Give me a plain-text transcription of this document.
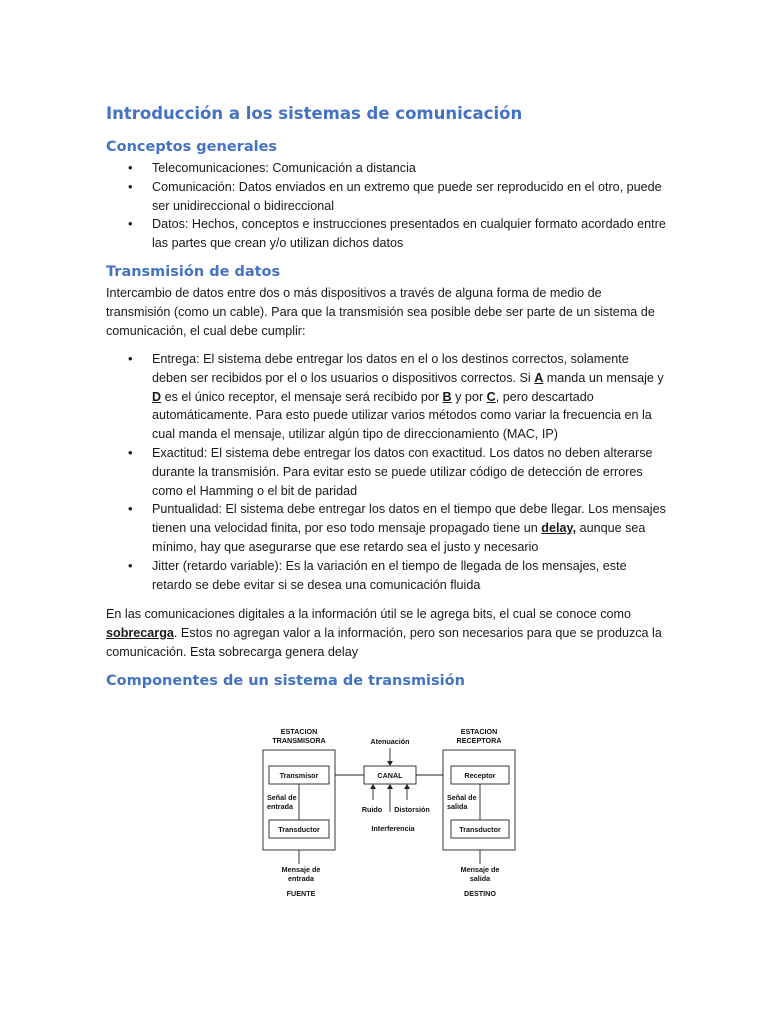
Introducción a los sistemas de comunicación
Conceptos generales
• Telecomunicaciones: Comunicación a distancia
• Comunicación: Datos enviados en un extremo que puede ser reproducido en el otro, puede ser unidireccional o bidireccional
• Datos: Hechos, conceptos e instrucciones presentados en cualquier formato acordado entre las partes que crean y/o utilizan dichos datos
Transmisión de datos

Intercambio de datos entre dos o más dispositivos a través de alguna forma de medio de transmisión (como un cable). Para que la transmisión sea posible debe ser parte de un sistema de comunicación, el cual debe cumplir:

• Entrega: El sistema debe entregar los datos en el o los destinos correctos, solamente deben ser recibidos por el o los usuarios o dispositivos correctos. Si A manda un mensaje y D es el único receptor, el mensaje será recibido por B y por C, pero descartado automáticamente. Para esto puede utilizar varios métodos como variar la frecuencia en la cual manda el mensaje, utilizar algún tipo de direccionamiento (MAC, IP)
• Exactitud: El sistema debe entregar los datos con exactitud. Los datos no deben alterarse durante la transmisión. Para evitar esto se puede utilizar código de detección de errores como el Hamming o el bit de paridad
• Puntualidad: El sistema debe entregar los datos en el tiempo que debe llegar. Los mensajes tienen una velocidad finita, por eso todo mensaje propagado tiene un delay, aunque sea mínimo, hay que asegurarse que ese retardo sea el justo y necesario
• Jitter (retardo variable): Es la variación en el tiempo de llegada de los mensajes, este retardo se debe evitar si se desea una comunicación fluida

En las comunicaciones digitales a la información útil se le agrega bits, el cual se conoce como sobrecarga. Estos no agregan valor a la información, pero son necesarios para que se produzca la comunicación. Esta sobrecarga genera delay

Componentes de un sistema de transmisión
ESTACION
TRANSMISORA
ESTACION
RECEPTORA
Atenuación
Transmisor	CANAL	Receptor
Señal de
entrada
Señal de
salida
Ruido Distorsión
Interferencia
Transductor	Transductor
Mensaje de
entrada
FUENTE
Mensaje de
salida
DESTINO
